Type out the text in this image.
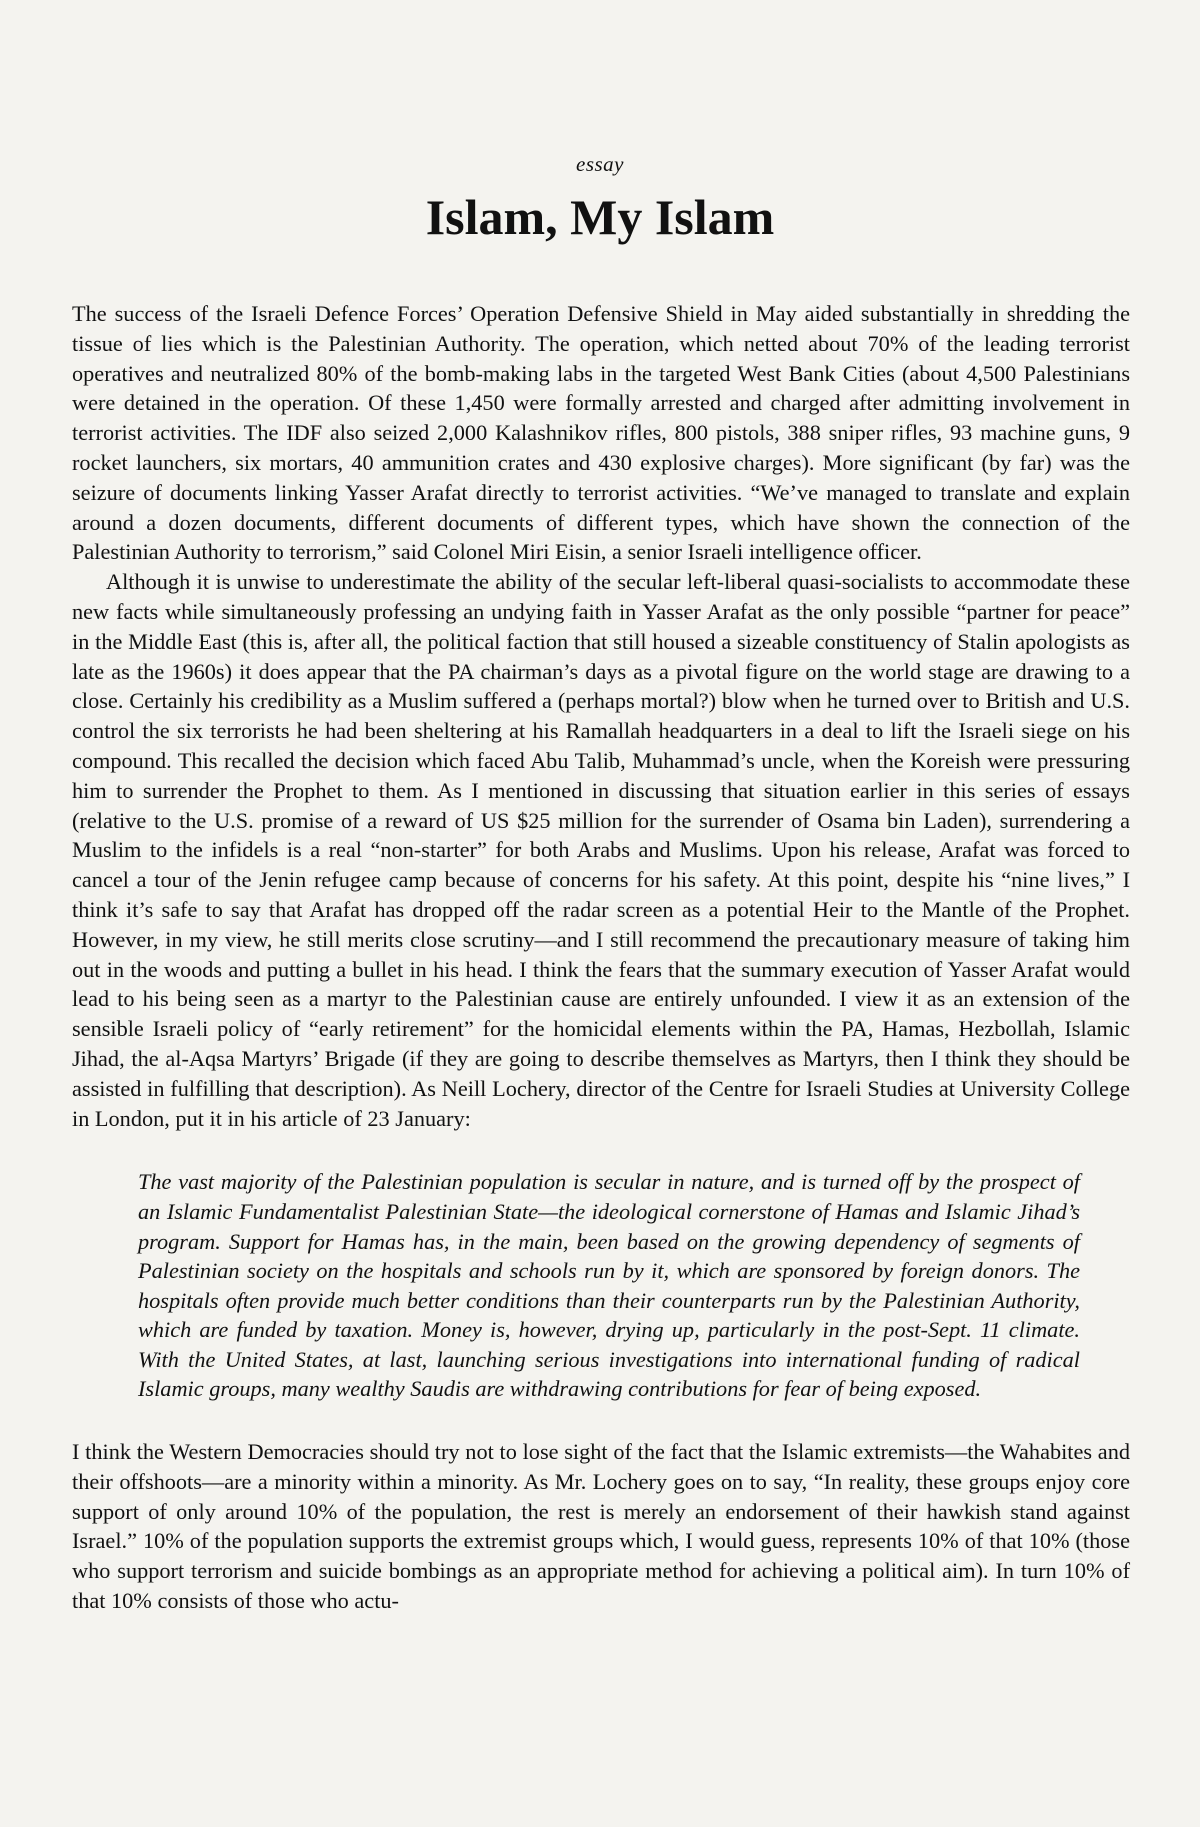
essay
Islam, My Islam

The success of the Israeli Defence Forces’ Operation Defensive Shield in May aided substantially in shredding the tissue of lies which is the Palestinian Authority. The operation, which netted about 70% of the leading terrorist operatives and neutralized 80% of the bomb-making labs in the targeted West Bank Cities (about 4,500 Palestinians were detained in the operation. Of these 1,450 were formally arrested and charged after admitting involvement in terrorist activities. The IDF also seized 2,000 Kalashnikov rifles, 800 pistols, 388 sniper rifles, 93 machine guns, 9 rocket launchers, six mortars, 40 ammunition crates and 430 explosive charges). More significant (by far) was the seizure of documents linking Yasser Arafat directly to terrorist activities. “We’ve managed to translate and explain around a dozen documents, different documents of different types, which have shown the connection of the Palestinian Authority to terrorism,” said Colonel Miri Eisin, a senior Israeli intelligence officer.

Although it is unwise to underestimate the ability of the secular left-liberal quasi-socialists to accommodate these new facts while simultaneously professing an undying faith in Yasser Arafat as the only possible “partner for peace” in the Middle East (this is, after all, the political faction that still housed a sizeable constituency of Stalin apologists as late as the 1960s) it does appear that the PA chairman’s days as a pivotal figure on the world stage are drawing to a close. Certainly his credibility as a Muslim suffered a (perhaps mortal?) blow when he turned over to British and U.S. control the six terrorists he had been sheltering at his Ramallah headquarters in a deal to lift the Israeli siege on his compound. This recalled the decision which faced Abu Talib, Muhammad’s uncle, when the Koreish were pressuring him to surrender the Prophet to them. As I mentioned in discussing that situation earlier in this series of essays (relative to the U.S. promise of a reward of US $25 million for the surrender of Osama bin Laden), surrendering a Muslim to the infidels is a real “non-starter” for both Arabs and Muslims. Upon his release, Arafat was forced to cancel a tour of the Jenin refugee camp because of concerns for his safety. At this point, despite his “nine lives,” I think it’s safe to say that Arafat has dropped off the radar screen as a potential Heir to the Mantle of the Prophet. However, in my view, he still merits close scrutiny—and I still recommend the precautionary measure of taking him out in the woods and putting a bullet in his head. I think the fears that the summary execution of Yasser Arafat would lead to his being seen as a martyr to the Palestinian cause are entirely unfounded. I view it as an extension of the sensible Israeli policy of “early retirement” for the homicidal elements within the PA, Hamas, Hezbollah, Islamic Jihad, the al-Aqsa Martyrs’ Brigade (if they are going to describe themselves as Martyrs, then I think they should be assisted in fulfilling that description). As Neill Lochery, director of the Centre for Israeli Studies at University College in London, put it in his article of 23 January:

The vast majority of the Palestinian population is secular in nature, and is turned off by the prospect of an Islamic Fundamentalist Palestinian State—the ideological cornerstone of Hamas and Islamic Jihad’s program. Support for Hamas has, in the main, been based on the growing dependency of segments of Palestinian society on the hospitals and schools run by it, which are sponsored by foreign donors. The hospitals often provide much better conditions than their counterparts run by the Palestinian Authority, which are funded by taxation. Money is, however, drying up, particularly in the post-Sept. 11 climate. With the United States, at last, launching serious investigations into international funding of radical Islamic groups, many wealthy Saudis are withdrawing contributions for fear of being exposed.

I think the Western Democracies should try not to lose sight of the fact that the Islamic extremists—the Wahabites and their offshoots—are a minority within a minority. As Mr. Lochery goes on to say, “In reality, these groups enjoy core support of only around 10% of the population, the rest is merely an endorsement of their hawkish stand against Israel.” 10% of the population supports the extremist groups which, I would guess, represents 10% of that 10% (those who support terrorism and suicide bombings as an appropriate method for achieving a political aim). In turn 10% of that 10% consists of those who actu-
